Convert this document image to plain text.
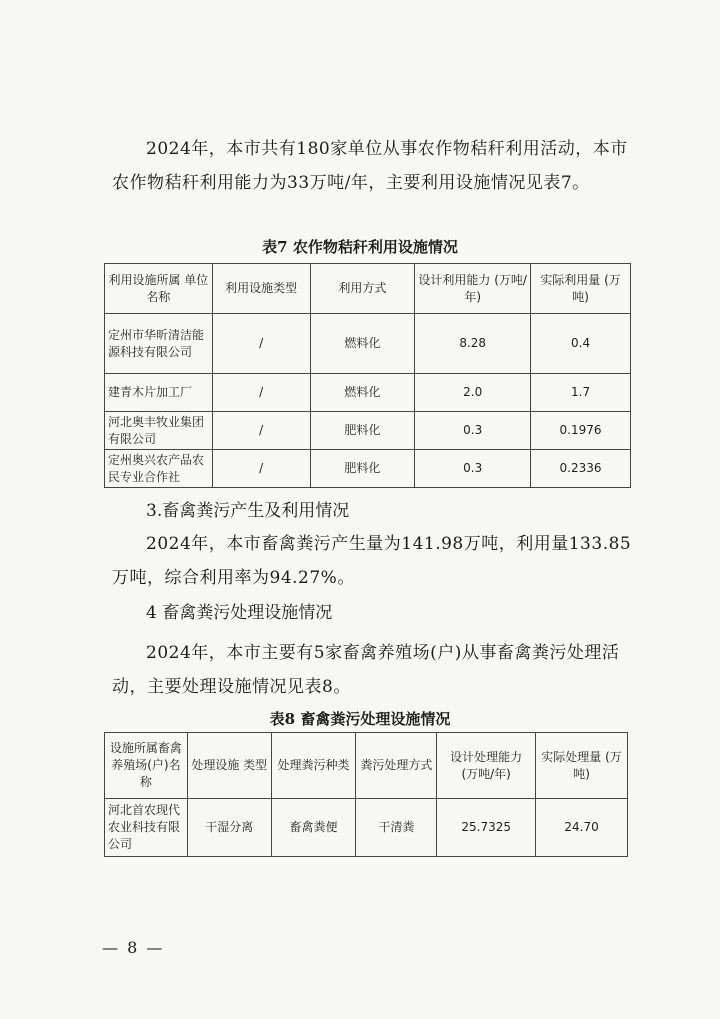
2024年，本市共有180家单位从事农作物秸秆利用活动，本市农作物秸秆利用能力为33万吨/年，主要利用设施情况见表7。

表7 农作物秸秆利用设施情况
利用设施所属 单位名称	利用设施类型	利用方式	设计利用能力 (万吨/年)	实际利用量 (万吨)
定州市华昕清洁能源科技有限公司	/	燃料化	8.28	0.4
建青木片加工厂	/	燃料化	2.0	1.7
河北奥丰牧业集团有限公司	/	肥料化	0.3	0.1976
定州奥兴农产品农民专业合作社	/	肥料化	0.3	0.2336
3.畜禽粪污产生及利用情况

2024年，本市畜禽粪污产生量为141.98万吨，利用量133.85万吨，综合利用率为94.27%。

4 畜禽粪污处理设施情况

2024年，本市主要有5家畜禽养殖场(户)从事畜禽粪污处理活动，主要处理设施情况见表8。

表8 畜禽粪污处理设施情况
设施所属畜禽养殖场(户)名称	处理设施 类型	处理粪污种类	粪污处理方式	设计处理能力 (万吨/年)	实际处理量 (万吨)
河北首农现代农业科技有限公司	干湿分离	畜禽粪便	干清粪	25.7325	24.70
— 8 —
